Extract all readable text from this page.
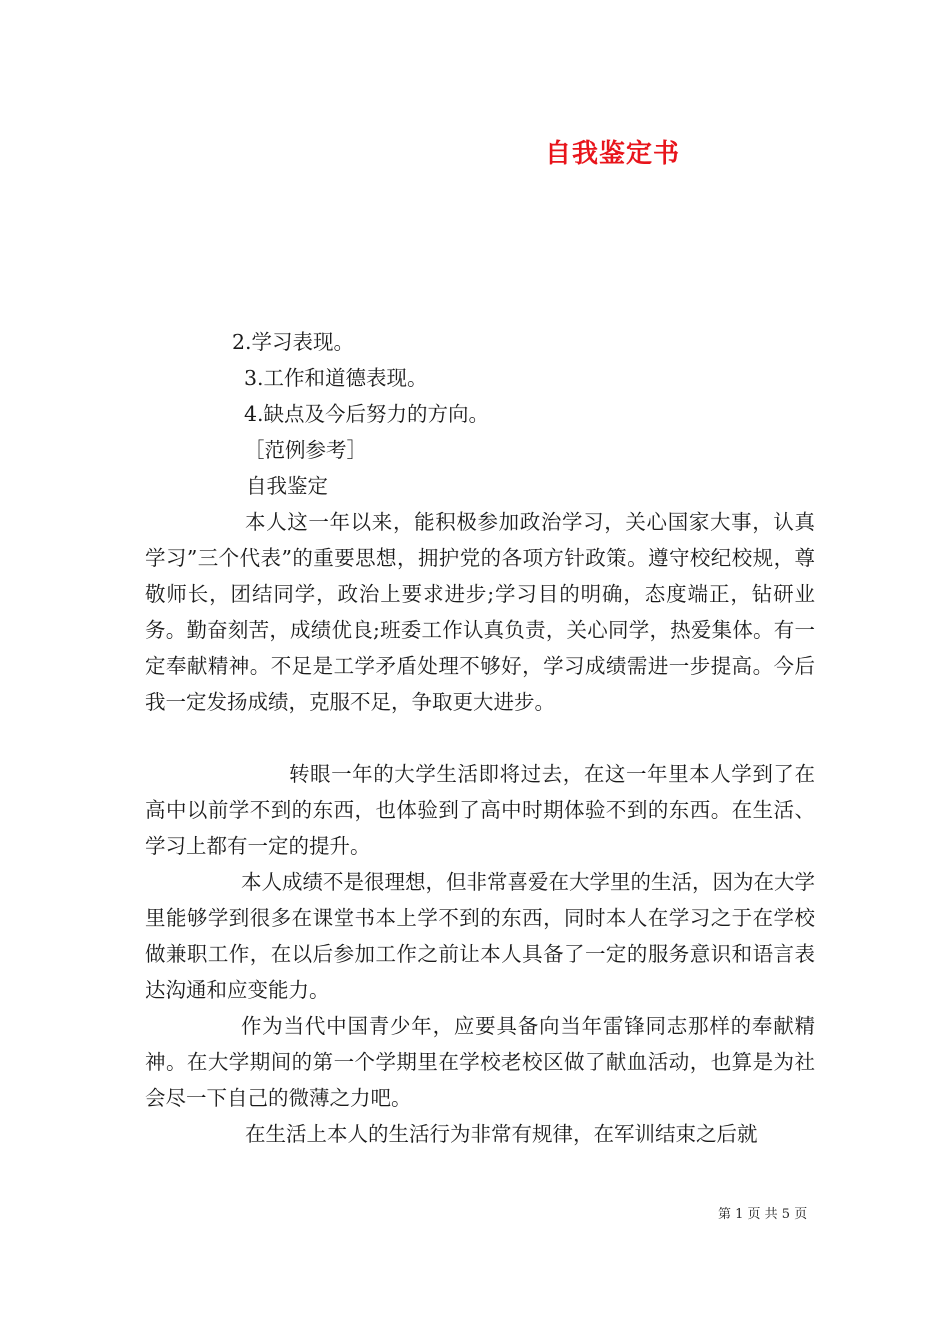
自我鉴定书

2.学习表现。

3.工作和道德表现。

4.缺点及今后努力的方向。

［范例参考］

自我鉴定

本人这一年以来，能积极参加政治学习，关心国家大事，认真学习”三个代表”的重要思想，拥护党的各项方针政策。遵守校纪校规，尊敬师长，团结同学，政治上要求进步;学习目的明确，态度端正，钻研业务。勤奋刻苦，成绩优良;班委工作认真负责，关心同学，热爱集体。有一定奉献精神。不足是工学矛盾处理不够好，学习成绩需进一步提高。今后我一定发扬成绩，克服不足，争取更大进步。

转眼一年的大学生活即将过去，在这一年里本人学到了在高中以前学不到的东西，也体验到了高中时期体验不到的东西。在生活、学习上都有一定的提升。

本人成绩不是很理想，但非常喜爱在大学里的生活，因为在大学里能够学到很多在课堂书本上学不到的东西，同时本人在学习之于在学校做兼职工作，在以后参加工作之前让本人具备了一定的服务意识和语言表达沟通和应变能力。

作为当代中国青少年，应要具备向当年雷锋同志那样的奉献精神。在大学期间的第一个学期里在学校老校区做了献血活动，也算是为社会尽一下自己的微薄之力吧。

在生活上本人的生活行为非常有规律，在军训结束之后就

第 1 页 共 5 页
